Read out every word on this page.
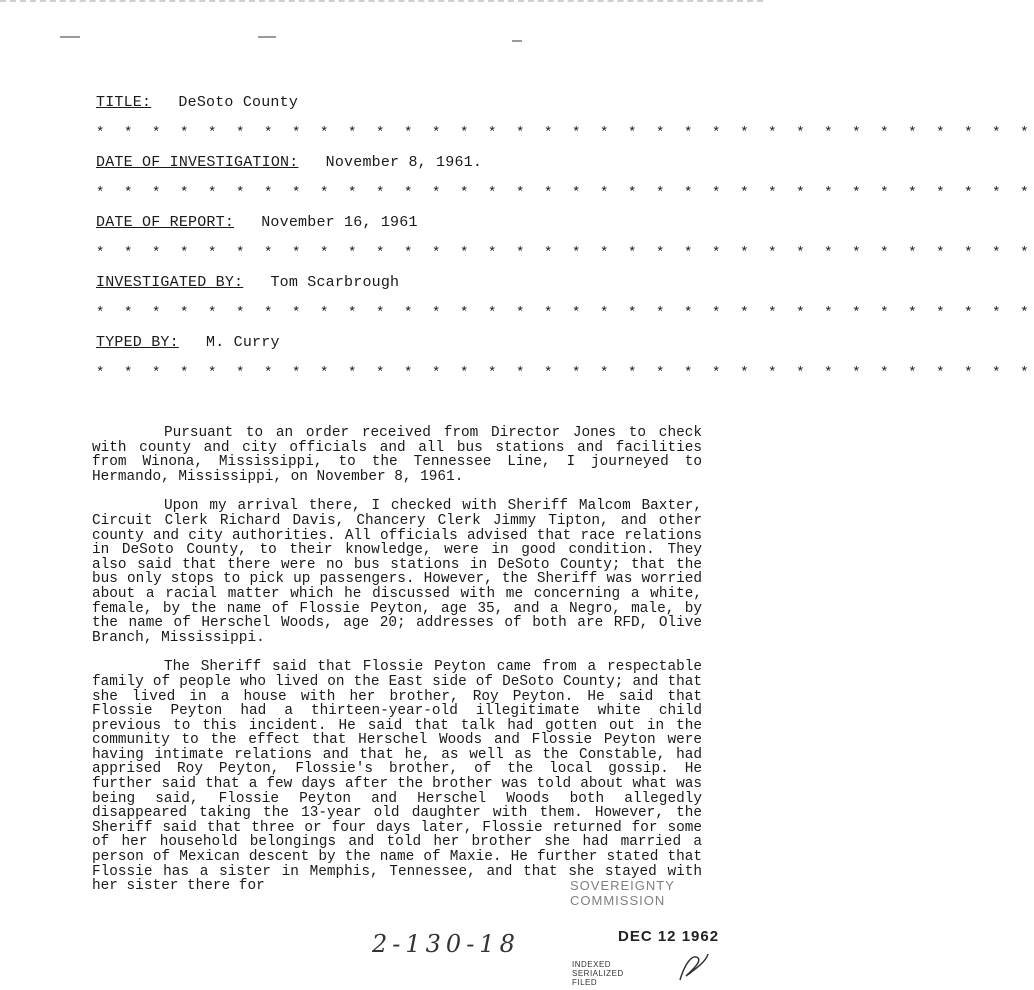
TITLE: DeSoto County
* * * * * * * * * * * * * * * * * * * * * * * * * * * * * * * * * *
DATE OF INVESTIGATION: November 8, 1961.
* * * * * * * * * * * * * * * * * * * * * * * * * * * * * * * * * *
DATE OF REPORT: November 16, 1961
* * * * * * * * * * * * * * * * * * * * * * * * * * * * * * * * * *
INVESTIGATED BY: Tom Scarbrough
* * * * * * * * * * * * * * * * * * * * * * * * * * * * * * * * * *
TYPED BY: M. Curry
* * * * * * * * * * * * * * * * * * * * * * * * * * * * * * * * * *

Pursuant to an order received from Director Jones to check with county and city officials and all bus stations and facilities from Winona, Mississippi, to the Tennessee Line, I journeyed to Hermando, Mississippi, on November 8, 1961.

Upon my arrival there, I checked with Sheriff Malcom Baxter, Circuit Clerk Richard Davis, Chancery Clerk Jimmy Tipton, and other county and city authorities. All officials advised that race relations in DeSoto County, to their knowledge, were in good condition. They also said that there were no bus stations in DeSoto County; that the bus only stops to pick up passengers. However, the Sheriff was worried about a racial matter which he discussed with me concerning a white, female, by the name of Flossie Peyton, age 35, and a Negro, male, by the name of Herschel Woods, age 20; addresses of both are RFD, Olive Branch, Mississippi.

The Sheriff said that Flossie Peyton came from a respectable family of people who lived on the East side of DeSoto County; and that she lived in a house with her brother, Roy Peyton. He said that Flossie Peyton had a thirteen-year-old illegitimate white child previous to this incident. He said that talk had gotten out in the community to the effect that Herschel Woods and Flossie Peyton were having intimate relations and that he, as well as the Constable, had apprised Roy Peyton, Flossie's brother, of the local gossip. He further said that a few days after the brother was told about what was being said, Flossie Peyton and Herschel Woods both allegedly disappeared taking the 13-year old daughter with them. However, the Sheriff said that three or four days later, Flossie returned for some of her household belongings and told her brother she had married a person of Mexican descent by the name of Maxie. He further stated that Flossie has a sister in Memphis, Tennessee, and that she stayed with her sister there for	SOVEREIGNTY COMMISSION
2-130-18	DEC 12 1962
INDEXED
SERIALIZED
FILED
